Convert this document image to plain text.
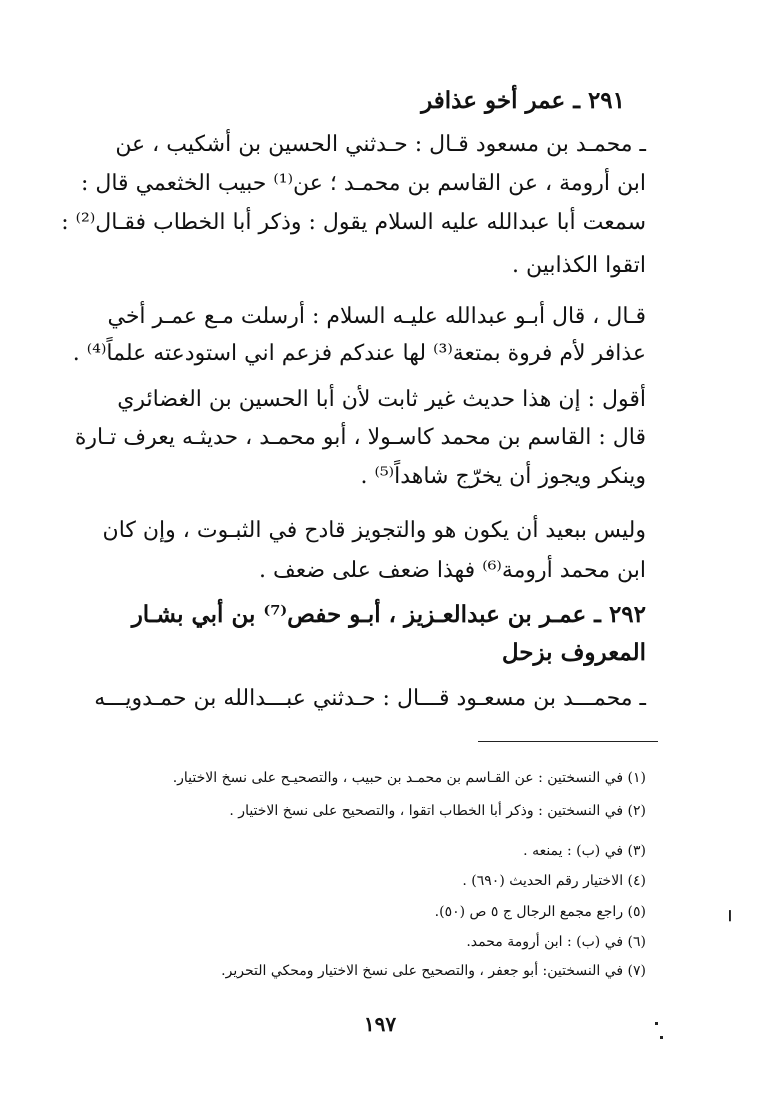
٢٩١ ـ عمر أخو عذافر
ـ محمـد بن مسعود قـال : حـدثني الحسين بن أشكيب ، عن
ابن أرومة ، عن القاسم بن محمـد ؛ عن⁽¹⁾ حبيب الخثعمي قال :
سمعت أبا عبدالله عليه السلام يقول : وذكر أبا الخطاب فقـال⁽²⁾ :
اتقوا الكذابين .
قـال ، قال أبـو عبدالله عليـه السلام : أرسلت مـع عمـر أخي
عذافر لأم فروة بمتعة⁽³⁾ لها عندكم فزعم اني استودعته علماً⁽⁴⁾ .
أقول : إن هذا حديث غير ثابت لأن أبا الحسين بن الغضائري
قال : القاسم بن محمد كاسـولا ، أبو محمـد ، حديثـه يعرف تـارة
وينكر ويجوز أن يخرّج شاهداً⁽⁵⁾ .
وليس ببعيد أن يكون هو والتجويز قادح في الثبـوت ، وإن كان
ابن محمد أرومة⁽⁶⁾ فهذا ضعف على ضعف .
٢٩٢ ـ عمـر بن عبدالعـزيز ، أبـو حفص⁽⁷⁾ بن أبي بشـار
المعروف بزحل
ـ محمـــد بن مسعـود قـــال : حـدثني عبـــدالله بن حمـدويـــه
(١) في النسختين : عن القـاسم بن محمـد بن حبيب ، والتصحيـح على نسخ الاختيار.
(٢) في النسختين : وذكر أبا الخطاب اتقوا ، والتصحيح على نسخ الاختيار .
(٣) في (ب) : يمنعه .
(٤) الاختيار رقم الحديث (٦٩٠) .
(٥) راجع مجمع الرجال ج ٥ ص (٥٠).
(٦) في (ب) : ابن أرومة محمد.
(٧) في النسختين: أبو جعفر ، والتصحيح على نسخ الاختيار ومحكي التحرير.
ا
١٩٧
